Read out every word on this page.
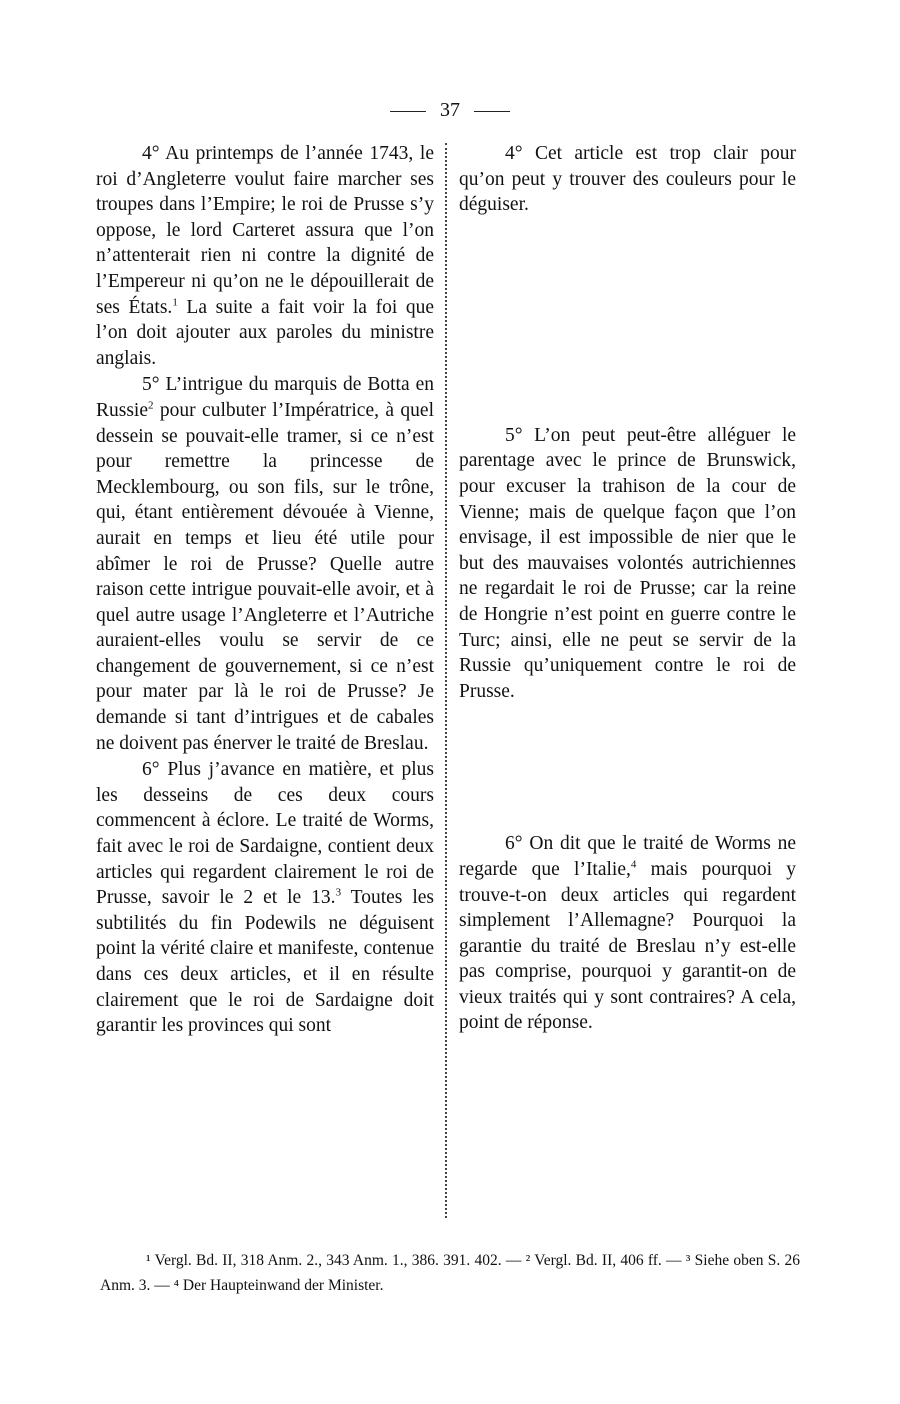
37

4° Au printemps de l’année 1743, le roi d’Angleterre voulut faire marcher ses troupes dans l’Empire; le roi de Prusse s’y oppose, le lord Carteret assura que l’on n’attenterait rien ni contre la dignité de l’Empereur ni qu’on ne le dépouillerait de ses États.$^1$ La suite a fait voir la foi que l’on doit ajouter aux paroles du ministre anglais.

5° L’intrigue du marquis de Botta en Russie$^2$ pour culbuter l’Impératrice, à quel dessein se pouvait-elle tramer, si ce n’est pour remettre la princesse de Mecklembourg, ou son fils, sur le trône, qui, étant entièrement dévouée à Vienne, aurait en temps et lieu été utile pour abîmer le roi de Prusse? Quelle autre raison cette intrigue pouvait-elle avoir, et à quel autre usage l’Angleterre et l’Autriche auraient-elles voulu se servir de ce changement de gouvernement, si ce n’est pour mater par là le roi de Prusse? Je demande si tant d’intrigues et de cabales ne doivent pas énerver le traité de Breslau.

6° Plus j’avance en matière, et plus les desseins de ces deux cours commencent à éclore. Le traité de Worms, fait avec le roi de Sardaigne, contient deux articles qui regardent clairement le roi de Prusse, savoir le 2 et le 13.$^3$ Toutes les subtilités du fin Podewils ne déguisent point la vérité claire et manifeste, contenue dans ces deux articles, et il en résulte clairement que le roi de Sardaigne doit garantir les provinces qui sont

4° Cet article est trop clair pour qu’on peut y trouver des couleurs pour le déguiser.

5° L’on peut peut-être alléguer le parentage avec le prince de Brunswick, pour excuser la trahison de la cour de Vienne; mais de quelque façon que l’on envisage, il est impossible de nier que le but des mauvaises volontés autrichiennes ne regardait le roi de Prusse; car la reine de Hongrie n’est point en guerre contre le Turc; ainsi, elle ne peut se servir de la Russie qu’uniquement contre le roi de Prusse.

6° On dit que le traité de Worms ne regarde que l’Italie,$^4$ mais pourquoi y trouve-t-on deux articles qui regardent simplement l’Allemagne? Pourquoi la garantie du traité de Breslau n’y est-elle pas comprise, pourquoi y garantit-on de vieux traités qui y sont contraires? A cela, point de réponse.

¹ Vergl. Bd. II, 318 Anm. 2., 343 Anm. 1., 386. 391. 402. — ² Vergl. Bd. II, 406 ff. — ³ Siehe oben S. 26 Anm. 3. — ⁴ Der Haupteinwand der Minister.
